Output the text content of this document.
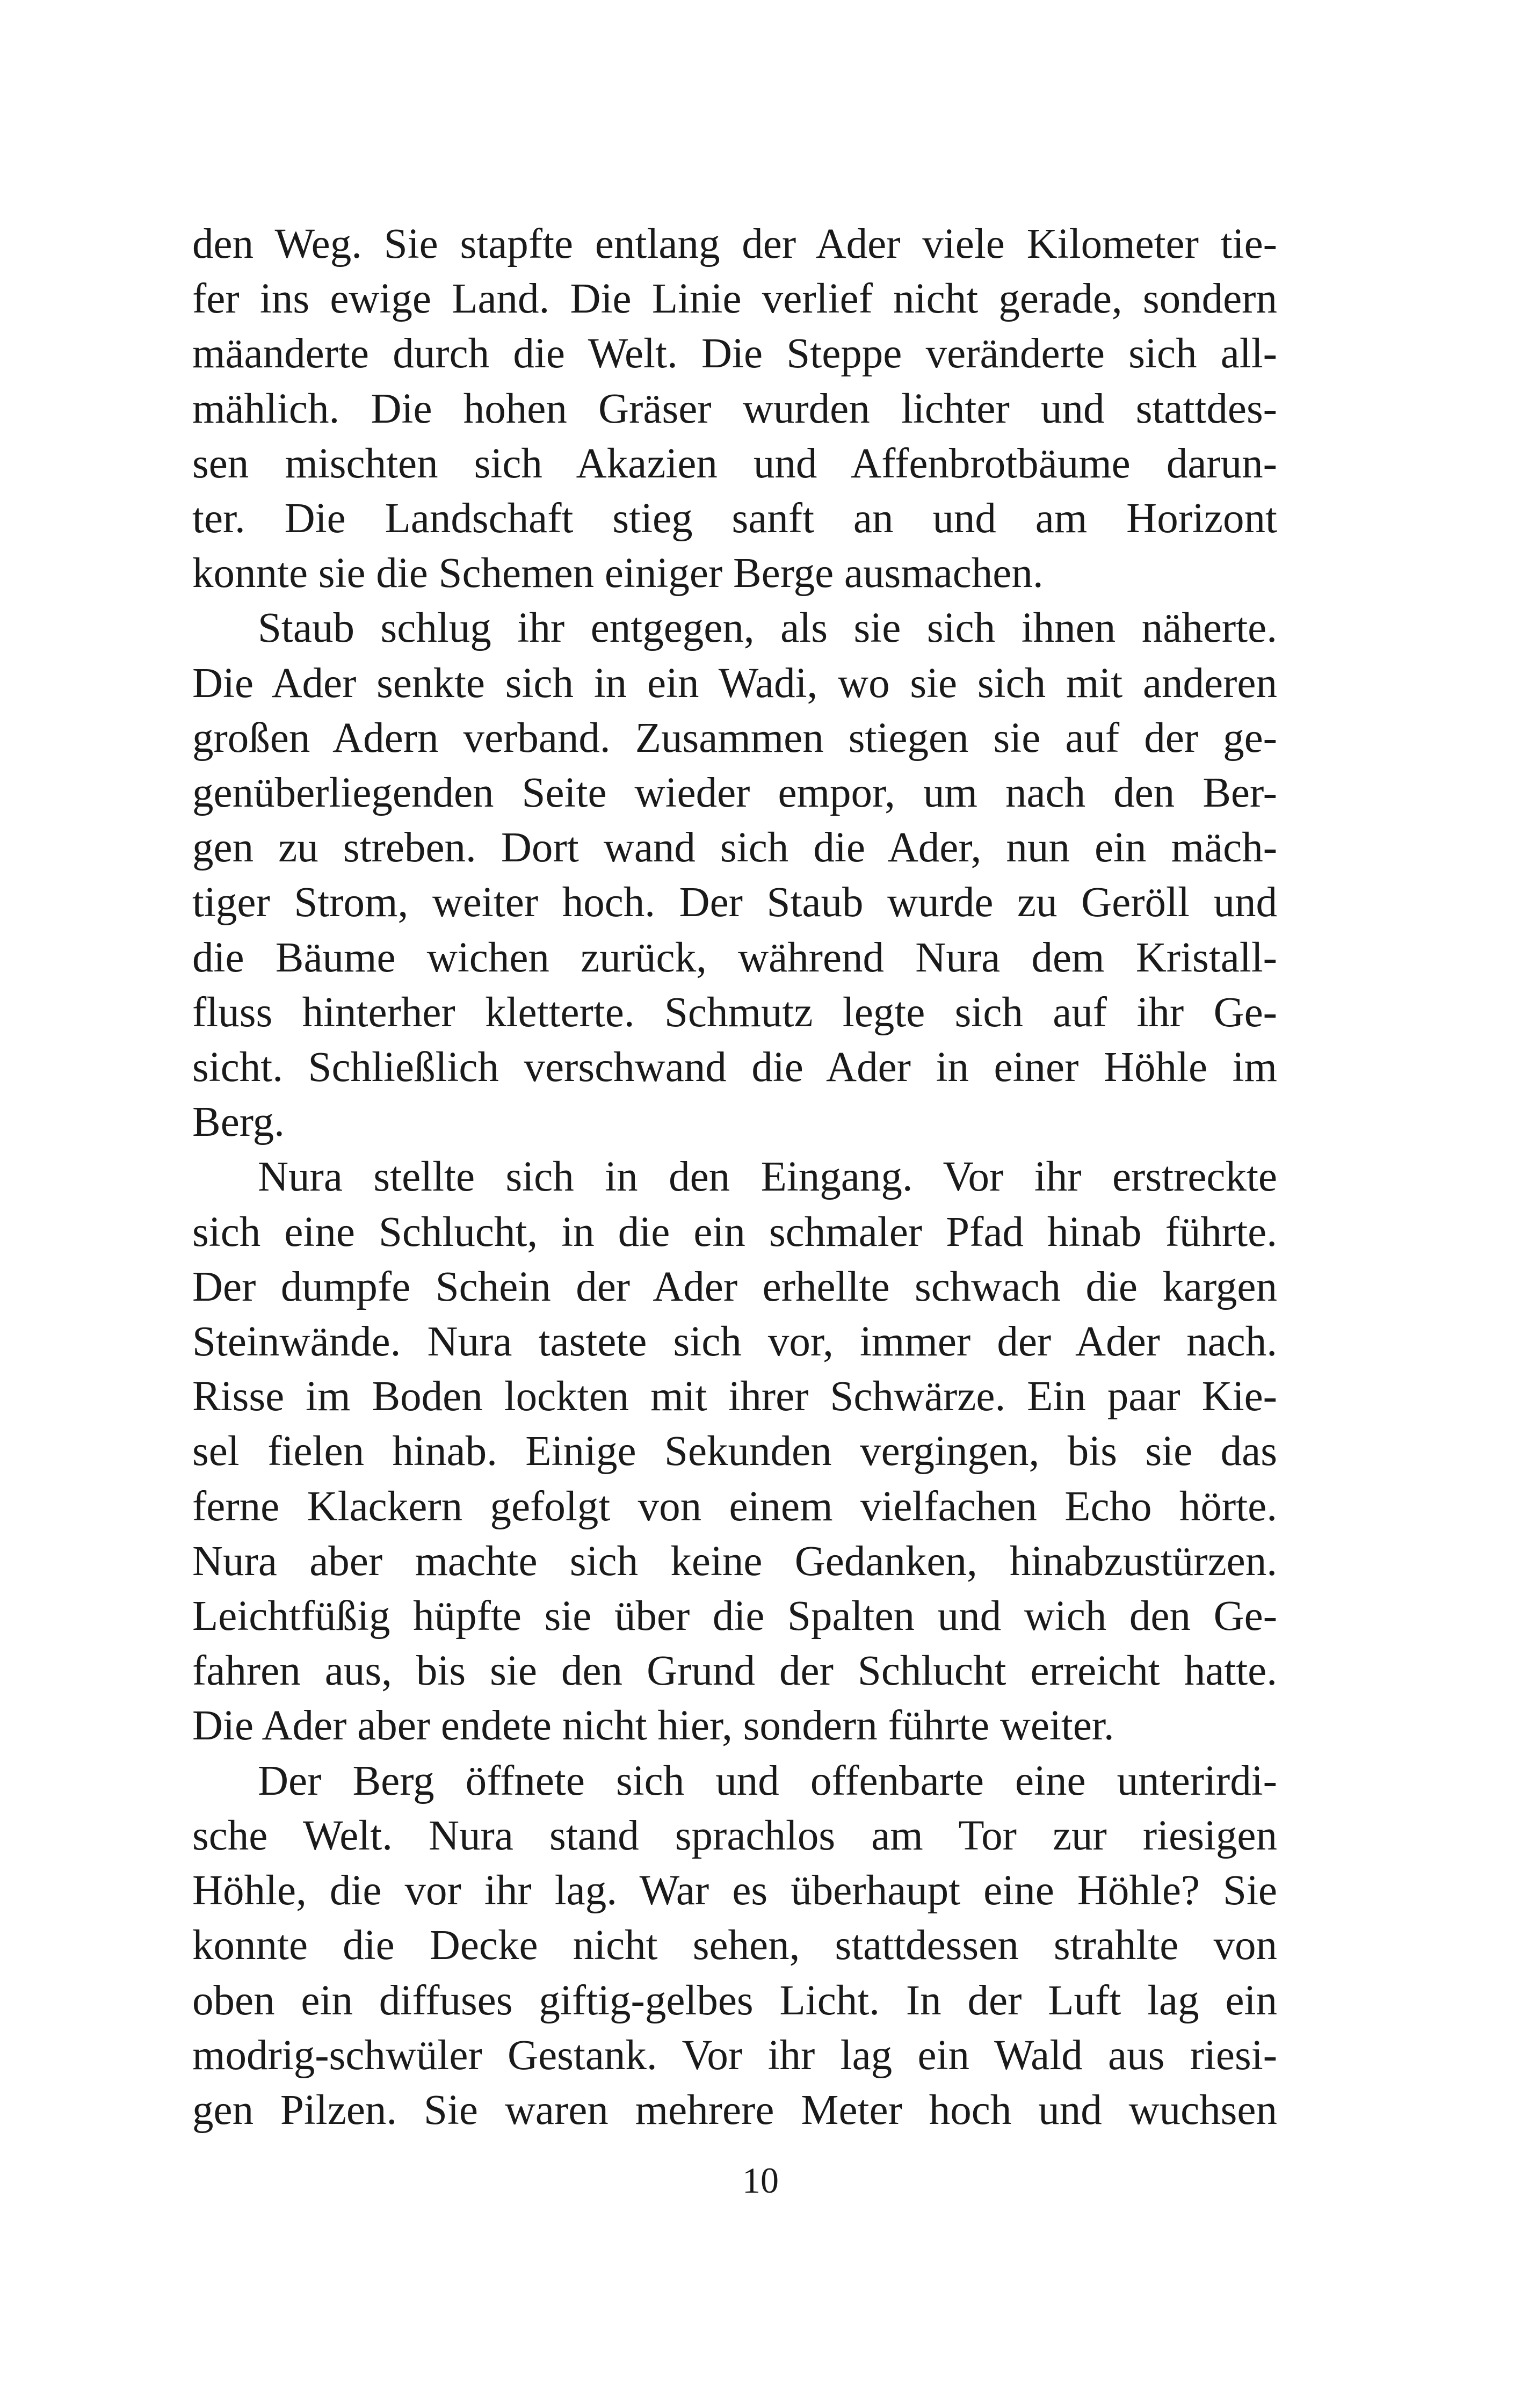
den Weg. Sie stapfte entlang der Ader viele Kilometer tie-
fer ins ewige Land. Die Linie verlief nicht gerade, sondern
mäanderte durch die Welt. Die Steppe veränderte sich all-
mählich. Die hohen Gräser wurden lichter und stattdes-
sen mischten sich Akazien und Affenbrotbäume darun-
ter. Die Landschaft stieg sanft an und am Horizont
konnte sie die Schemen einiger Berge ausmachen.
Staub schlug ihr entgegen, als sie sich ihnen näherte.
Die Ader senkte sich in ein Wadi, wo sie sich mit anderen
großen Adern verband. Zusammen stiegen sie auf der ge-
genüberliegenden Seite wieder empor, um nach den Ber-
gen zu streben. Dort wand sich die Ader, nun ein mäch-
tiger Strom, weiter hoch. Der Staub wurde zu Geröll und
die Bäume wichen zurück, während Nura dem Kristall-
fluss hinterher kletterte. Schmutz legte sich auf ihr Ge-
sicht. Schließlich verschwand die Ader in einer Höhle im
Berg.
Nura stellte sich in den Eingang. Vor ihr erstreckte
sich eine Schlucht, in die ein schmaler Pfad hinab führte.
Der dumpfe Schein der Ader erhellte schwach die kargen
Steinwände. Nura tastete sich vor, immer der Ader nach.
Risse im Boden lockten mit ihrer Schwärze. Ein paar Kie-
sel fielen hinab. Einige Sekunden vergingen, bis sie das
ferne Klackern gefolgt von einem vielfachen Echo hörte.
Nura aber machte sich keine Gedanken, hinabzustürzen.
Leichtfüßig hüpfte sie über die Spalten und wich den Ge-
fahren aus, bis sie den Grund der Schlucht erreicht hatte.
Die Ader aber endete nicht hier, sondern führte weiter.
Der Berg öffnete sich und offenbarte eine unterirdi-
sche Welt. Nura stand sprachlos am Tor zur riesigen
Höhle, die vor ihr lag. War es überhaupt eine Höhle? Sie
konnte die Decke nicht sehen, stattdessen strahlte von
oben ein diffuses giftig-gelbes Licht. In der Luft lag ein
modrig-schwüler Gestank. Vor ihr lag ein Wald aus riesi-
gen Pilzen. Sie waren mehrere Meter hoch und wuchsen
10
